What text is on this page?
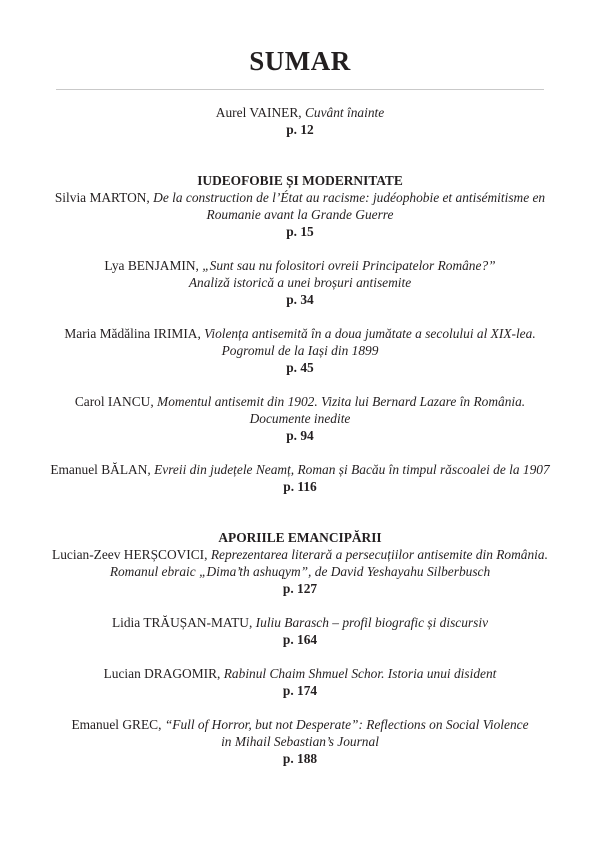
SUMAR
Aurel VAINER, Cuvânt înainte
p. 12
IUDEOFOBIE ȘI MODERNITATE
Silvia MARTON, De la construction de l’État au racisme: judéophobie et antisémitisme en
Roumanie avant la Grande Guerre
p. 15
Lya BENJAMIN, „Sunt sau nu folositori ovreii Principatelor Române?”
Analiză istorică a unei broșuri antisemite
p. 34
Maria Mădălina IRIMIA, Violența antisemită în a doua jumătate a secolului al XIX-lea.
Pogromul de la Iași din 1899
p. 45
Carol IANCU, Momentul antisemit din 1902. Vizita lui Bernard Lazare în România.
Documente inedite
p. 94
Emanuel BĂLAN, Evreii din județele Neamț, Roman și Bacău în timpul răscoalei de la 1907
p. 116
APORIILE EMANCIPĂRII
Lucian-Zeev HERȘCOVICI, Reprezentarea literară a persecuțiilor antisemite din România.
Romanul ebraic „Dima’th ashuqym”, de David Yeshayahu Silberbusch
p. 127
Lidia TRĂUȘAN-MATU, Iuliu Barasch – profil biografic și discursiv
p. 164
Lucian DRAGOMIR, Rabinul Chaim Shmuel Schor. Istoria unui disident
p. 174
Emanuel GREC, “Full of Horror, but not Desperate”: Reflections on Social Violence
in Mihail Sebastian’s Journal
p. 188
